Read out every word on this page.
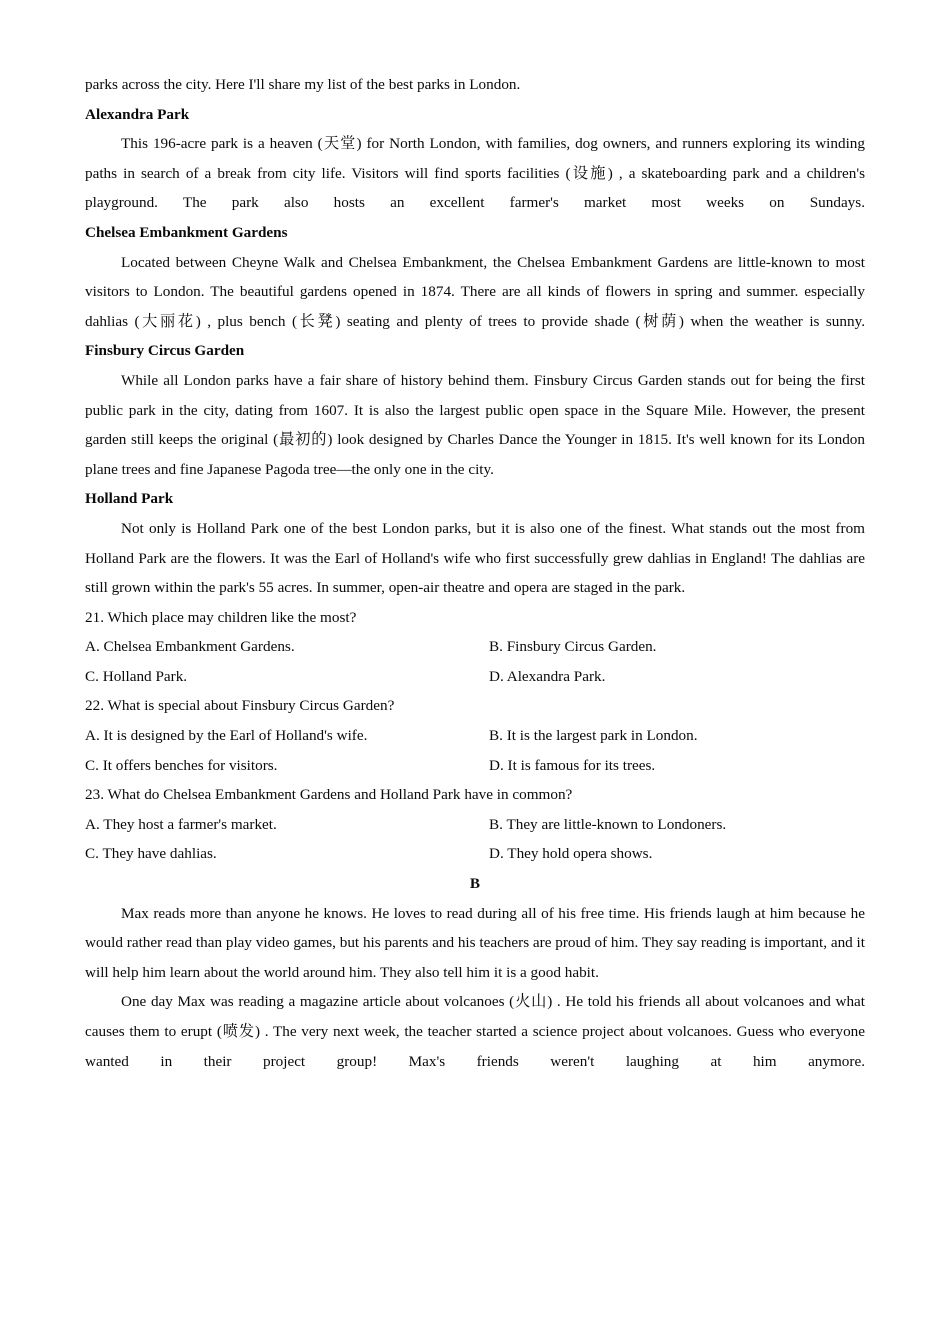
parks across the city. Here I'll share my list of the best parks in London.

Alexandra Park

This 196-acre park is a heaven (天堂) for North London, with families, dog owners, and runners exploring its winding paths in search of a break from city life. Visitors will find sports facilities (设施) , a skateboarding park and a children's playground. The park also hosts an excellent farmer's market most weeks on Sundays.

Chelsea Embankment Gardens

Located between Cheyne Walk and Chelsea Embankment, the Chelsea Embankment Gardens are little-known to most visitors to London. The beautiful gardens opened in 1874. There are all kinds of flowers in spring and summer. especially dahlias (大丽花) , plus bench (长凳) seating and plenty of trees to provide shade (树荫) when the weather is sunny.

Finsbury Circus Garden

While all London parks have a fair share of history behind them. Finsbury Circus Garden stands out for being the first public park in the city, dating from 1607. It is also the largest public open space in the Square Mile. However, the present garden still keeps the original (最初的) look designed by Charles Dance the Younger in 1815. It's well known for its London plane trees and fine Japanese Pagoda tree—the only one in the city.

Holland Park

Not only is Holland Park one of the best London parks, but it is also one of the finest. What stands out the most from Holland Park are the flowers. It was the Earl of Holland's wife who first successfully grew dahlias in England! The dahlias are still grown within the park's 55 acres. In summer, open-air theatre and opera are staged in the park.

21. Which place may children like the most?

A. Chelsea Embankment Gardens.	B. Finsbury Circus Garden.
C. Holland Park.	D. Alexandra Park.

22. What is special about Finsbury Circus Garden?

A. It is designed by the Earl of Holland's wife.	B. It is the largest park in London.
C. It offers benches for visitors.	D. It is famous for its trees.

23. What do Chelsea Embankment Gardens and Holland Park have in common?

A. They host a farmer's market.	B. They are little-known to Londoners.
C. They have dahlias.	D. They hold opera shows.

B

Max reads more than anyone he knows. He loves to read during all of his free time. His friends laugh at him because he would rather read than play video games, but his parents and his teachers are proud of him. They say reading is important, and it will help him learn about the world around him. They also tell him it is a good habit.

One day Max was reading a magazine article about volcanoes (火山) . He told his friends all about volcanoes and what causes them to erupt (喷发) . The very next week, the teacher started a science project about volcanoes. Guess who everyone wanted in their project group! Max's friends weren't laughing at him anymore.
